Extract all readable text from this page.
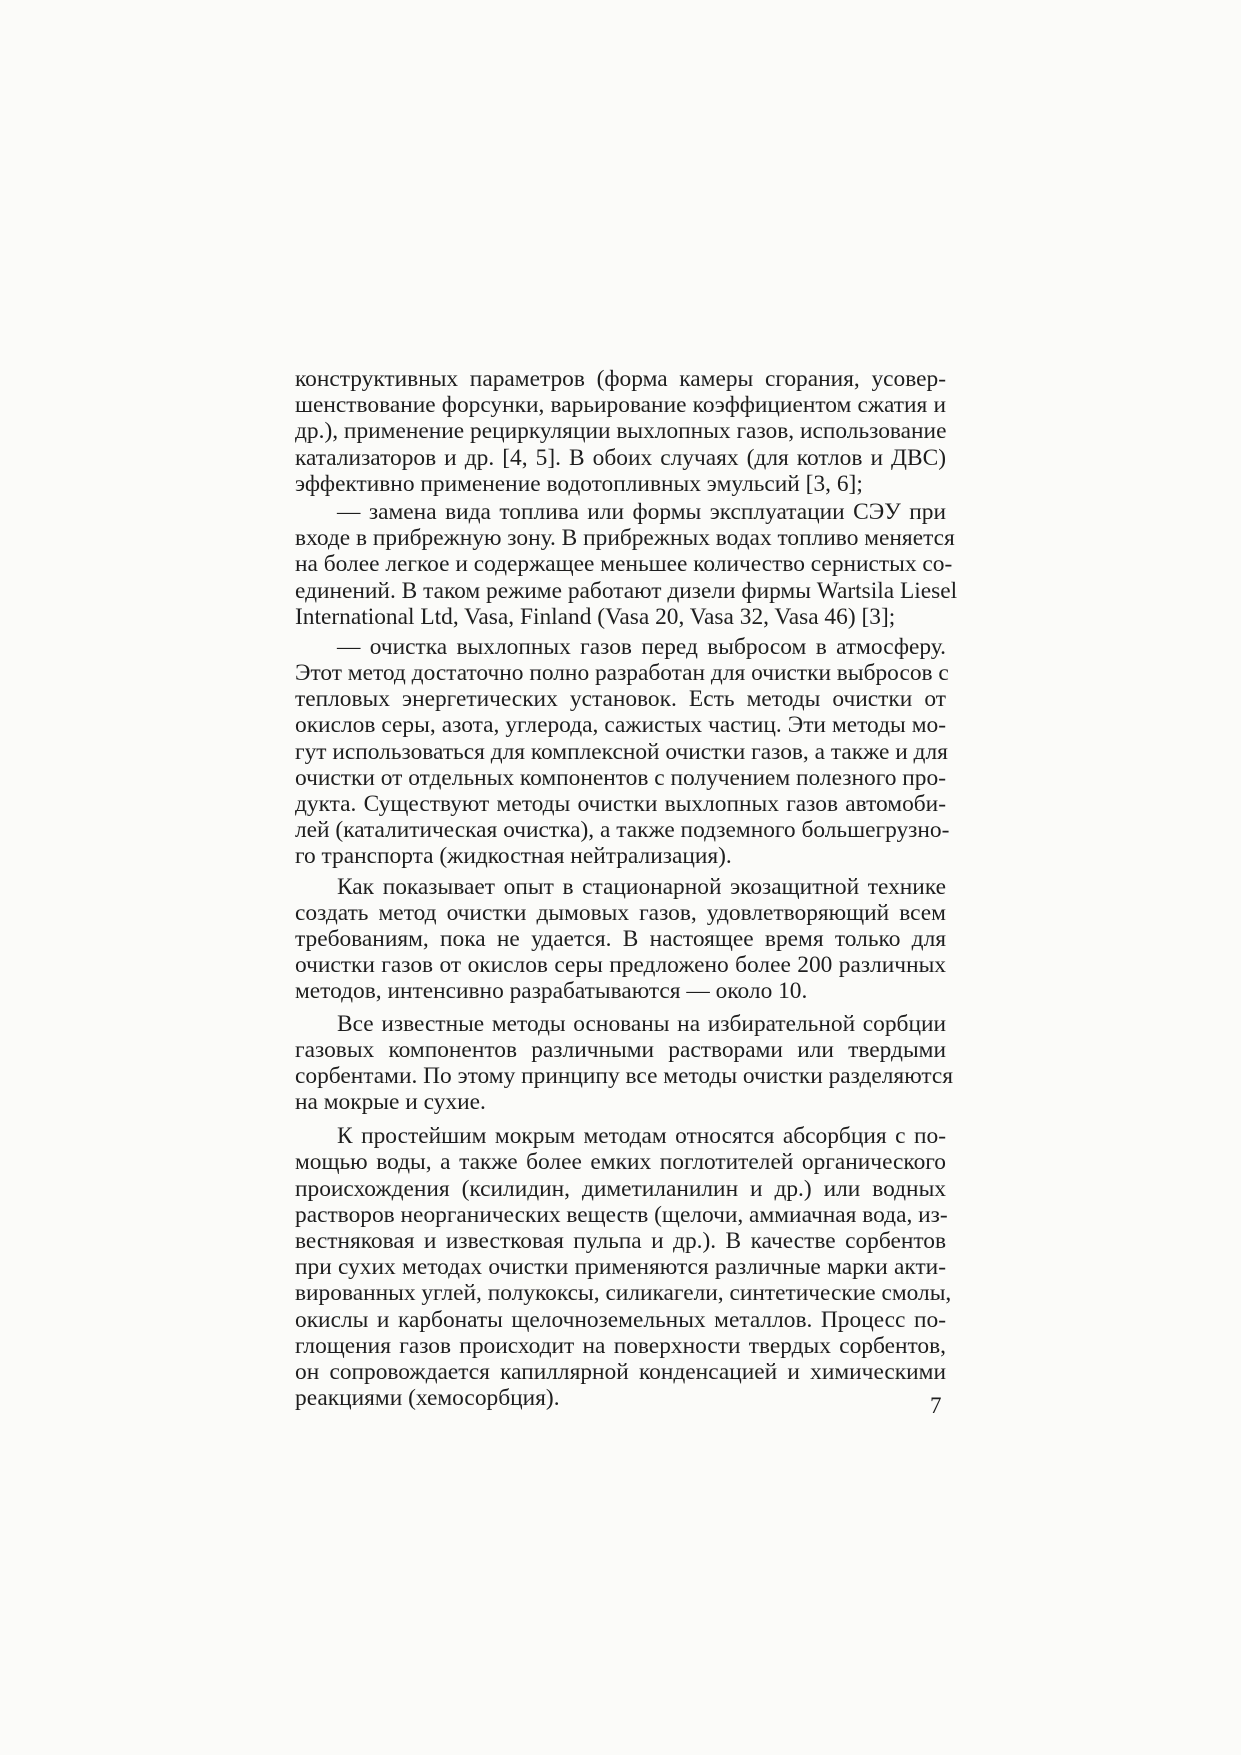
конструктивных параметров (форма камеры сгорания, усовер-
шенствование форсунки, варьирование коэффициентом сжатия и
др.), применение рециркуляции выхлопных газов, использование
катализаторов и др. [4, 5]. В обоих случаях (для котлов и ДВС)
эффективно применение водотопливных эмульсий [3, 6];
— замена вида топлива или формы эксплуатации СЭУ при
входе в прибрежную зону. В прибрежных водах топливо меняется
на более легкое и содержащее меньшее количество сернистых со-
единений. В таком режиме работают дизели фирмы Wartsila Liesel
International Ltd, Vasa, Finland (Vasa 20, Vasa 32, Vasa 46) [3];
— очистка выхлопных газов перед выбросом в атмосферу.
Этот метод достаточно полно разработан для очистки выбросов с
тепловых энергетических установок. Есть методы очистки от
окислов серы, азота, углерода, сажистых частиц. Эти методы мо-
гут использоваться для комплексной очистки газов, а также и для
очистки от отдельных компонентов с получением полезного про-
дукта. Существуют методы очистки выхлопных газов автомоби-
лей (каталитическая очистка), а также подземного большегрузно-
го транспорта (жидкостная нейтрализация).
Как показывает опыт в стационарной экозащитной технике
создать метод очистки дымовых газов, удовлетворяющий всем
требованиям, пока не удается. В настоящее время только для
очистки газов от окислов серы предложено более 200 различных
методов, интенсивно разрабатываются — около 10.
Все известные методы основаны на избирательной сорбции
газовых компонентов различными растворами или твердыми
сорбентами. По этому принципу все методы очистки разделяются
на мокрые и сухие.
К простейшим мокрым методам относятся абсорбция с по-
мощью воды, а также более емких поглотителей органического
происхождения (ксилидин, диметиланилин и др.) или водных
растворов неорганических веществ (щелочи, аммиачная вода, из-
вестняковая и известковая пульпа и др.). В качестве сорбентов
при сухих методах очистки применяются различные марки акти-
вированных углей, полукоксы, силикагели, синтетические смолы,
окислы и карбонаты щелочноземельных металлов. Процесс по-
глощения газов происходит на поверхности твердых сорбентов,
он сопровождается капиллярной конденсацией и химическими
реакциями (хемосорбция).	7
